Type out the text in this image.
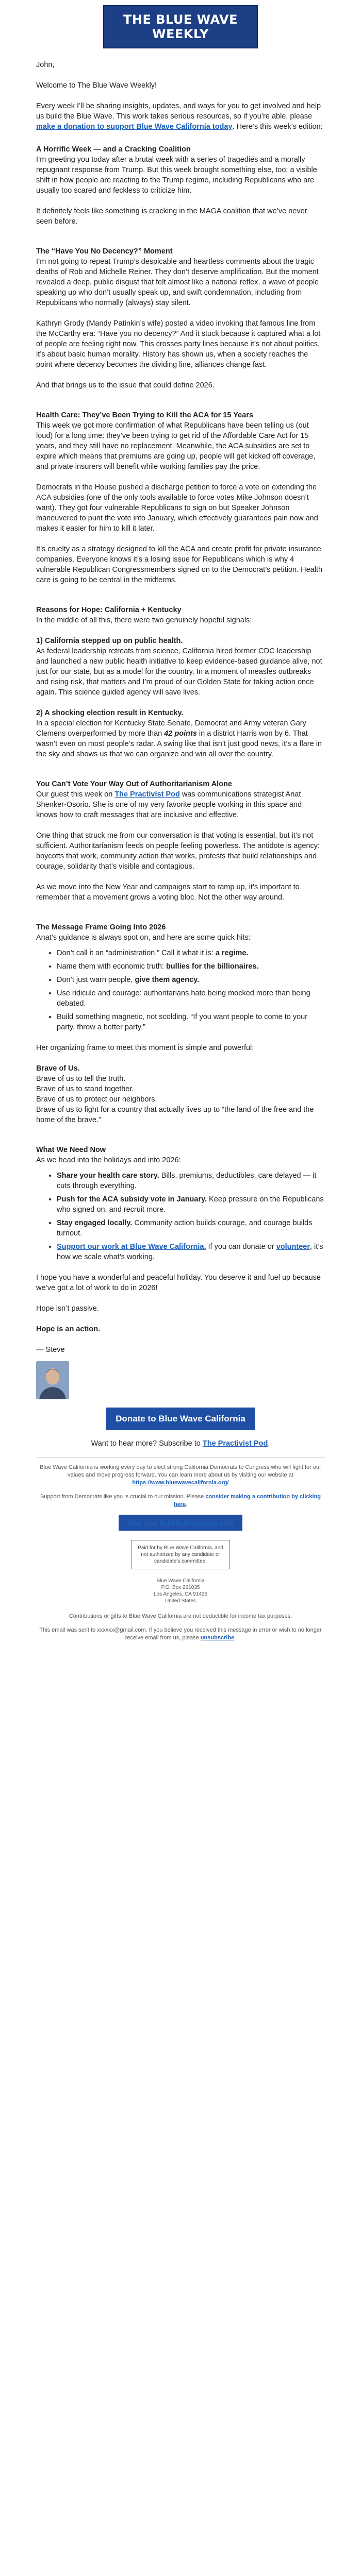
THE BLUE WAVE
WEEKLY

John,

Welcome to The Blue Wave Weekly!

Every week I’ll be sharing insights, updates, and ways for you to get involved and help us build the Blue Wave. This work takes serious resources, so if you’re able, please make a donation to support Blue Wave California today. Here’s this week’s edition:

A Horrific Week — and a Cracking Coalition

I’m greeting you today after a brutal week with a series of tragedies and a morally repugnant response from Trump. But this week brought something else, too: a visible shift in how people are reacting to the Trump regime, including Republicans who are usually too scared and feckless to criticize him.

It definitely feels like something is cracking in the MAGA coalition that we’ve never seen before.

The “Have You No Decency?” Moment

I’m not going to repeat Trump’s despicable and heartless comments about the tragic deaths of Rob and Michelle Reiner. They don’t deserve amplification. But the moment revealed a deep, public disgust that felt almost like a national reflex, a wave of people speaking up who don’t usually speak up, and swift condemnation, including from Republicans who normally (always) stay silent.

Kathryn Grody (Mandy Patinkin’s wife) posted a video invoking that famous line from the McCarthy era: “Have you no decency?” And it stuck because it captured what a lot of people are feeling right now. This crosses party lines because it’s not about politics, it’s about basic human morality. History has shown us, when a society reaches the point where decency becomes the dividing line, alliances change fast.

And that brings us to the issue that could define 2026.

Health Care: They’ve Been Trying to Kill the ACA for 15 Years

This week we got more confirmation of what Republicans have been telling us (out loud) for a long time: they’ve been trying to get rid of the Affordable Care Act for 15 years, and they still have no replacement. Meanwhile, the ACA subsidies are set to expire which means that premiums are going up, people will get kicked off coverage, and private insurers will benefit while working families pay the price.

Democrats in the House pushed a discharge petition to force a vote on extending the ACA subsidies (one of the only tools available to force votes Mike Johnson doesn’t want). They got four vulnerable Republicans to sign on but Speaker Johnson maneuvered to punt the vote into January, which effectively guarantees pain now and makes it easier for him to kill it later.

It’s cruelty as a strategy designed to kill the ACA and create profit for private insurance companies. Everyone knows it’s a losing issue for Republicans which is why 4 vulnerable Republican Congressmembers signed on to the Democrat’s petition. Health care is going to be central in the midterms.

Reasons for Hope: California + Kentucky

In the middle of all this, there were two genuinely hopeful signals:

1) California stepped up on public health.

As federal leadership retreats from science, California hired former CDC leadership and launched a new public health initiative to keep evidence-based guidance alive, not just for our state, but as a model for the country. In a moment of measles outbreaks and rising risk, that matters and I’m proud of our Golden State for taking action once again. This science guided agency will save lives.

2) A shocking election result in Kentucky.

In a special election for Kentucky State Senate, Democrat and Army veteran Gary Clemens overperformed by more than 42 points in a district Harris won by 6. That wasn’t even on most people’s radar. A swing like that isn’t just good news, it’s a flare in the sky and shows us that we can organize and win all over the country.

You Can’t Vote Your Way Out of Authoritarianism Alone

Our guest this week on The Practivist Pod was communications strategist Anat Shenker-Osorio. She is one of my very favorite people working in this space and knows how to craft messages that are inclusive and effective.

One thing that struck me from our conversation is that voting is essential, but it’s not sufficient. Authoritarianism feeds on people feeling powerless. The antidote is agency: boycotts that work, community action that works, protests that build relationships and courage, solidarity that’s visible and contagious.

As we move into the New Year and campaigns start to ramp up, it’s important to remember that a movement grows a voting bloc. Not the other way around.

The Message Frame Going Into 2026

Anat’s guidance is always spot on, and here are some quick hits:

• Don’t call it an “administration.” Call it what it is: a regime.
• Name them with economic truth: bullies for the billionaires.
• Don’t just warn people, give them agency.
• Use ridicule and courage: authoritarians hate being mocked more than being debated.
• Build something magnetic, not scolding. “If you want people to come to your party, throw a better party.”

Her organizing frame to meet this moment is simple and powerful:

Brave of Us.
Brave of us to tell the truth.
Brave of us to stand together.
Brave of us to protect our neighbors.
Brave of us to fight for a country that actually lives up to “the land of the free and the home of the brave.”
What We Need Now

As we head into the holidays and into 2026:

• Share your health care story. Bills, premiums, deductibles, care delayed — it cuts through everything.
• Push for the ACA subsidy vote in January. Keep pressure on the Republicans who signed on, and recruit more.
• Stay engaged locally. Community action builds courage, and courage builds turnout.
• Support our work at Blue Wave California. If you can donate or volunteer, it’s how we scale what’s working.

I hope you have a wonderful and peaceful holiday. You deserve it and fuel up because we’ve got a lot of work to do in 2026!

Hope isn’t passive.

Hope is an action.

— Steve

Donate to Blue Wave California
Want to hear more? Subscribe to The Practivist Pod.

Blue Wave California is working every day to elect strong California Democrats to Congress who will fight for our values and move progress forward. You can learn more about us by visiting our website at https://www.bluewavecalifornia.org/

Support from Democrats like you is crucial to our mission. Please consider making a contribution by clicking here.

Give now to help Democrats win!
Paid for by Blue Wave California, and not authorized by any candidate or candidate's committee.
Blue Wave California
P.O. Box 261035
Los Angeles, CA 91426
United States

Contributions or gifts to Blue Wave California are not deductible for income tax purposes.

This email was sent to xxxxxx@gmail.com. If you believe you received this message in error or wish to no longer receive email from us, please unsubscribe.
